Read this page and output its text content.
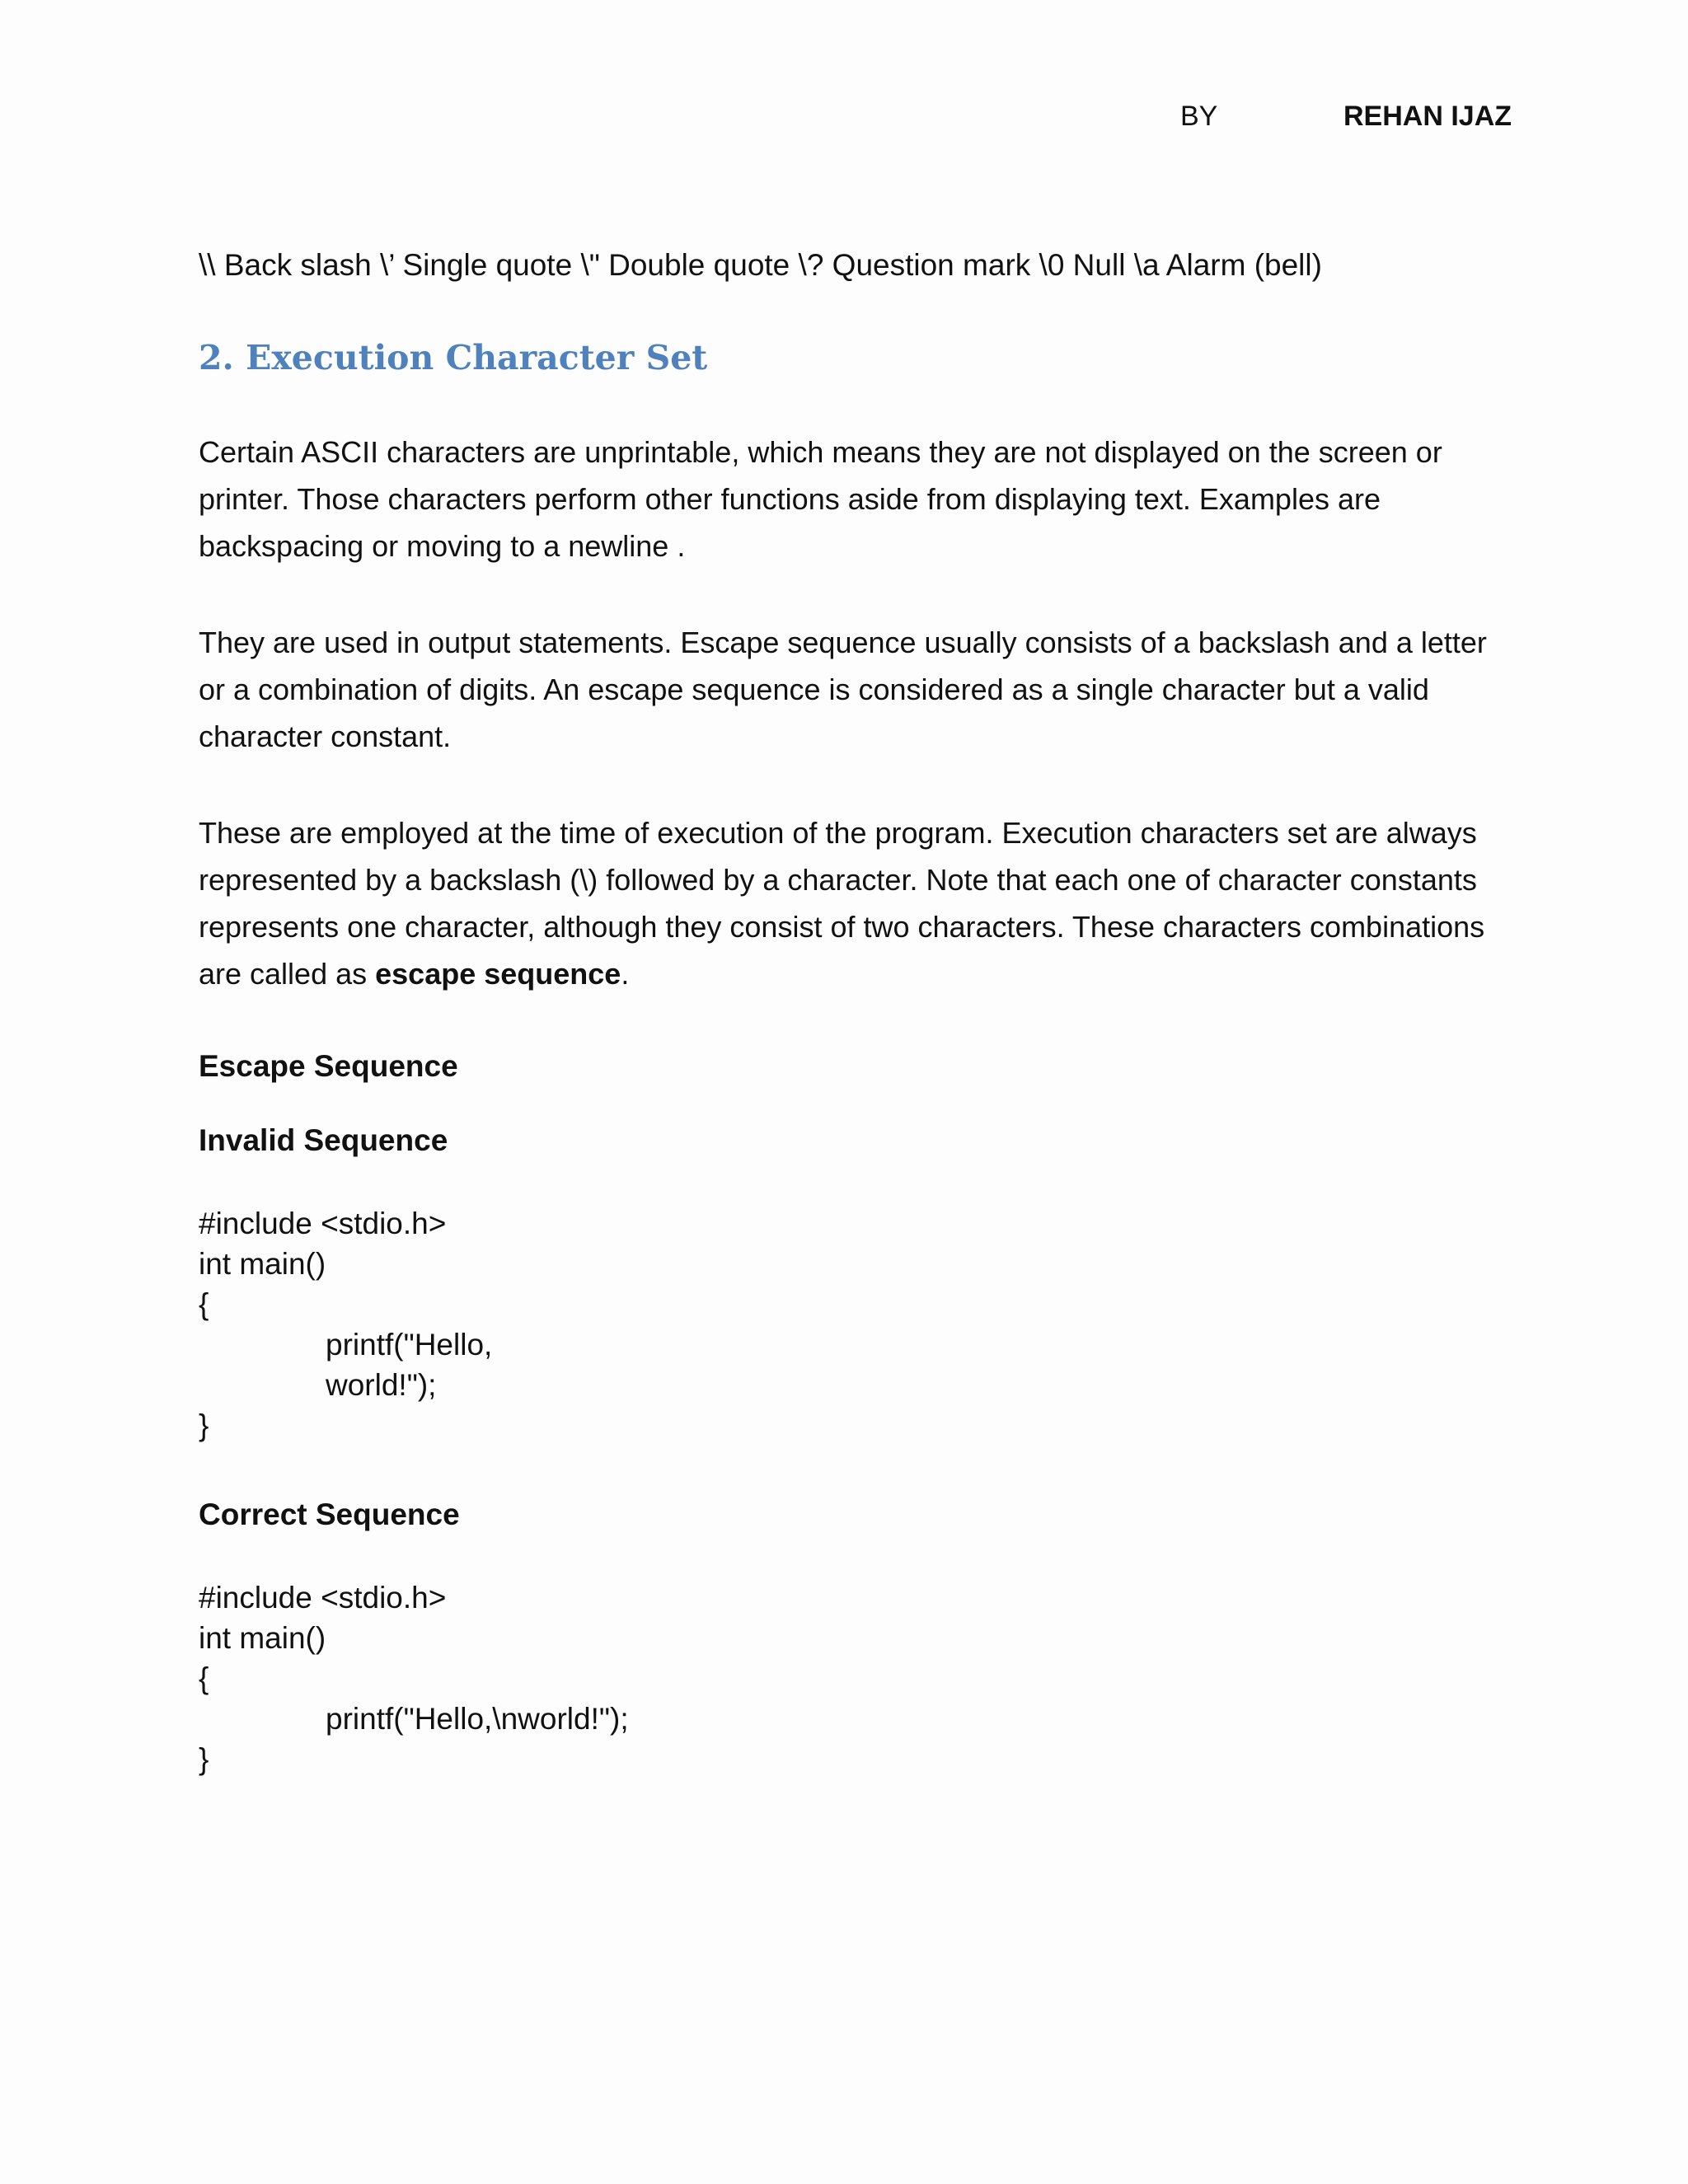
BY	REHAN IJAZ
\\ Back slash \’ Single quote \" Double quote \? Question mark \0 Null \a Alarm (bell)
2. Execution Character Set
Certain ASCII characters are unprintable, which means they are not displayed on the screen or printer. Those characters perform other functions aside from displaying text. Examples are backspacing or moving to a newline .
They are used in output statements. Escape sequence usually consists of a backslash and a letter or a combination of digits. An escape sequence is considered as a single character but a valid character constant.
These are employed at the time of execution of the program. Execution characters set are always represented by a backslash (\) followed by a character. Note that each one of character constants represents one character, although they consist of two characters. These characters combinations are called as escape sequence.
Escape Sequence
Invalid Sequence
#include <stdio.h>
int main()
{
printf("Hello,
world!");
}
Correct Sequence
#include <stdio.h>
int main()
{
printf("Hello,\nworld!");
}
